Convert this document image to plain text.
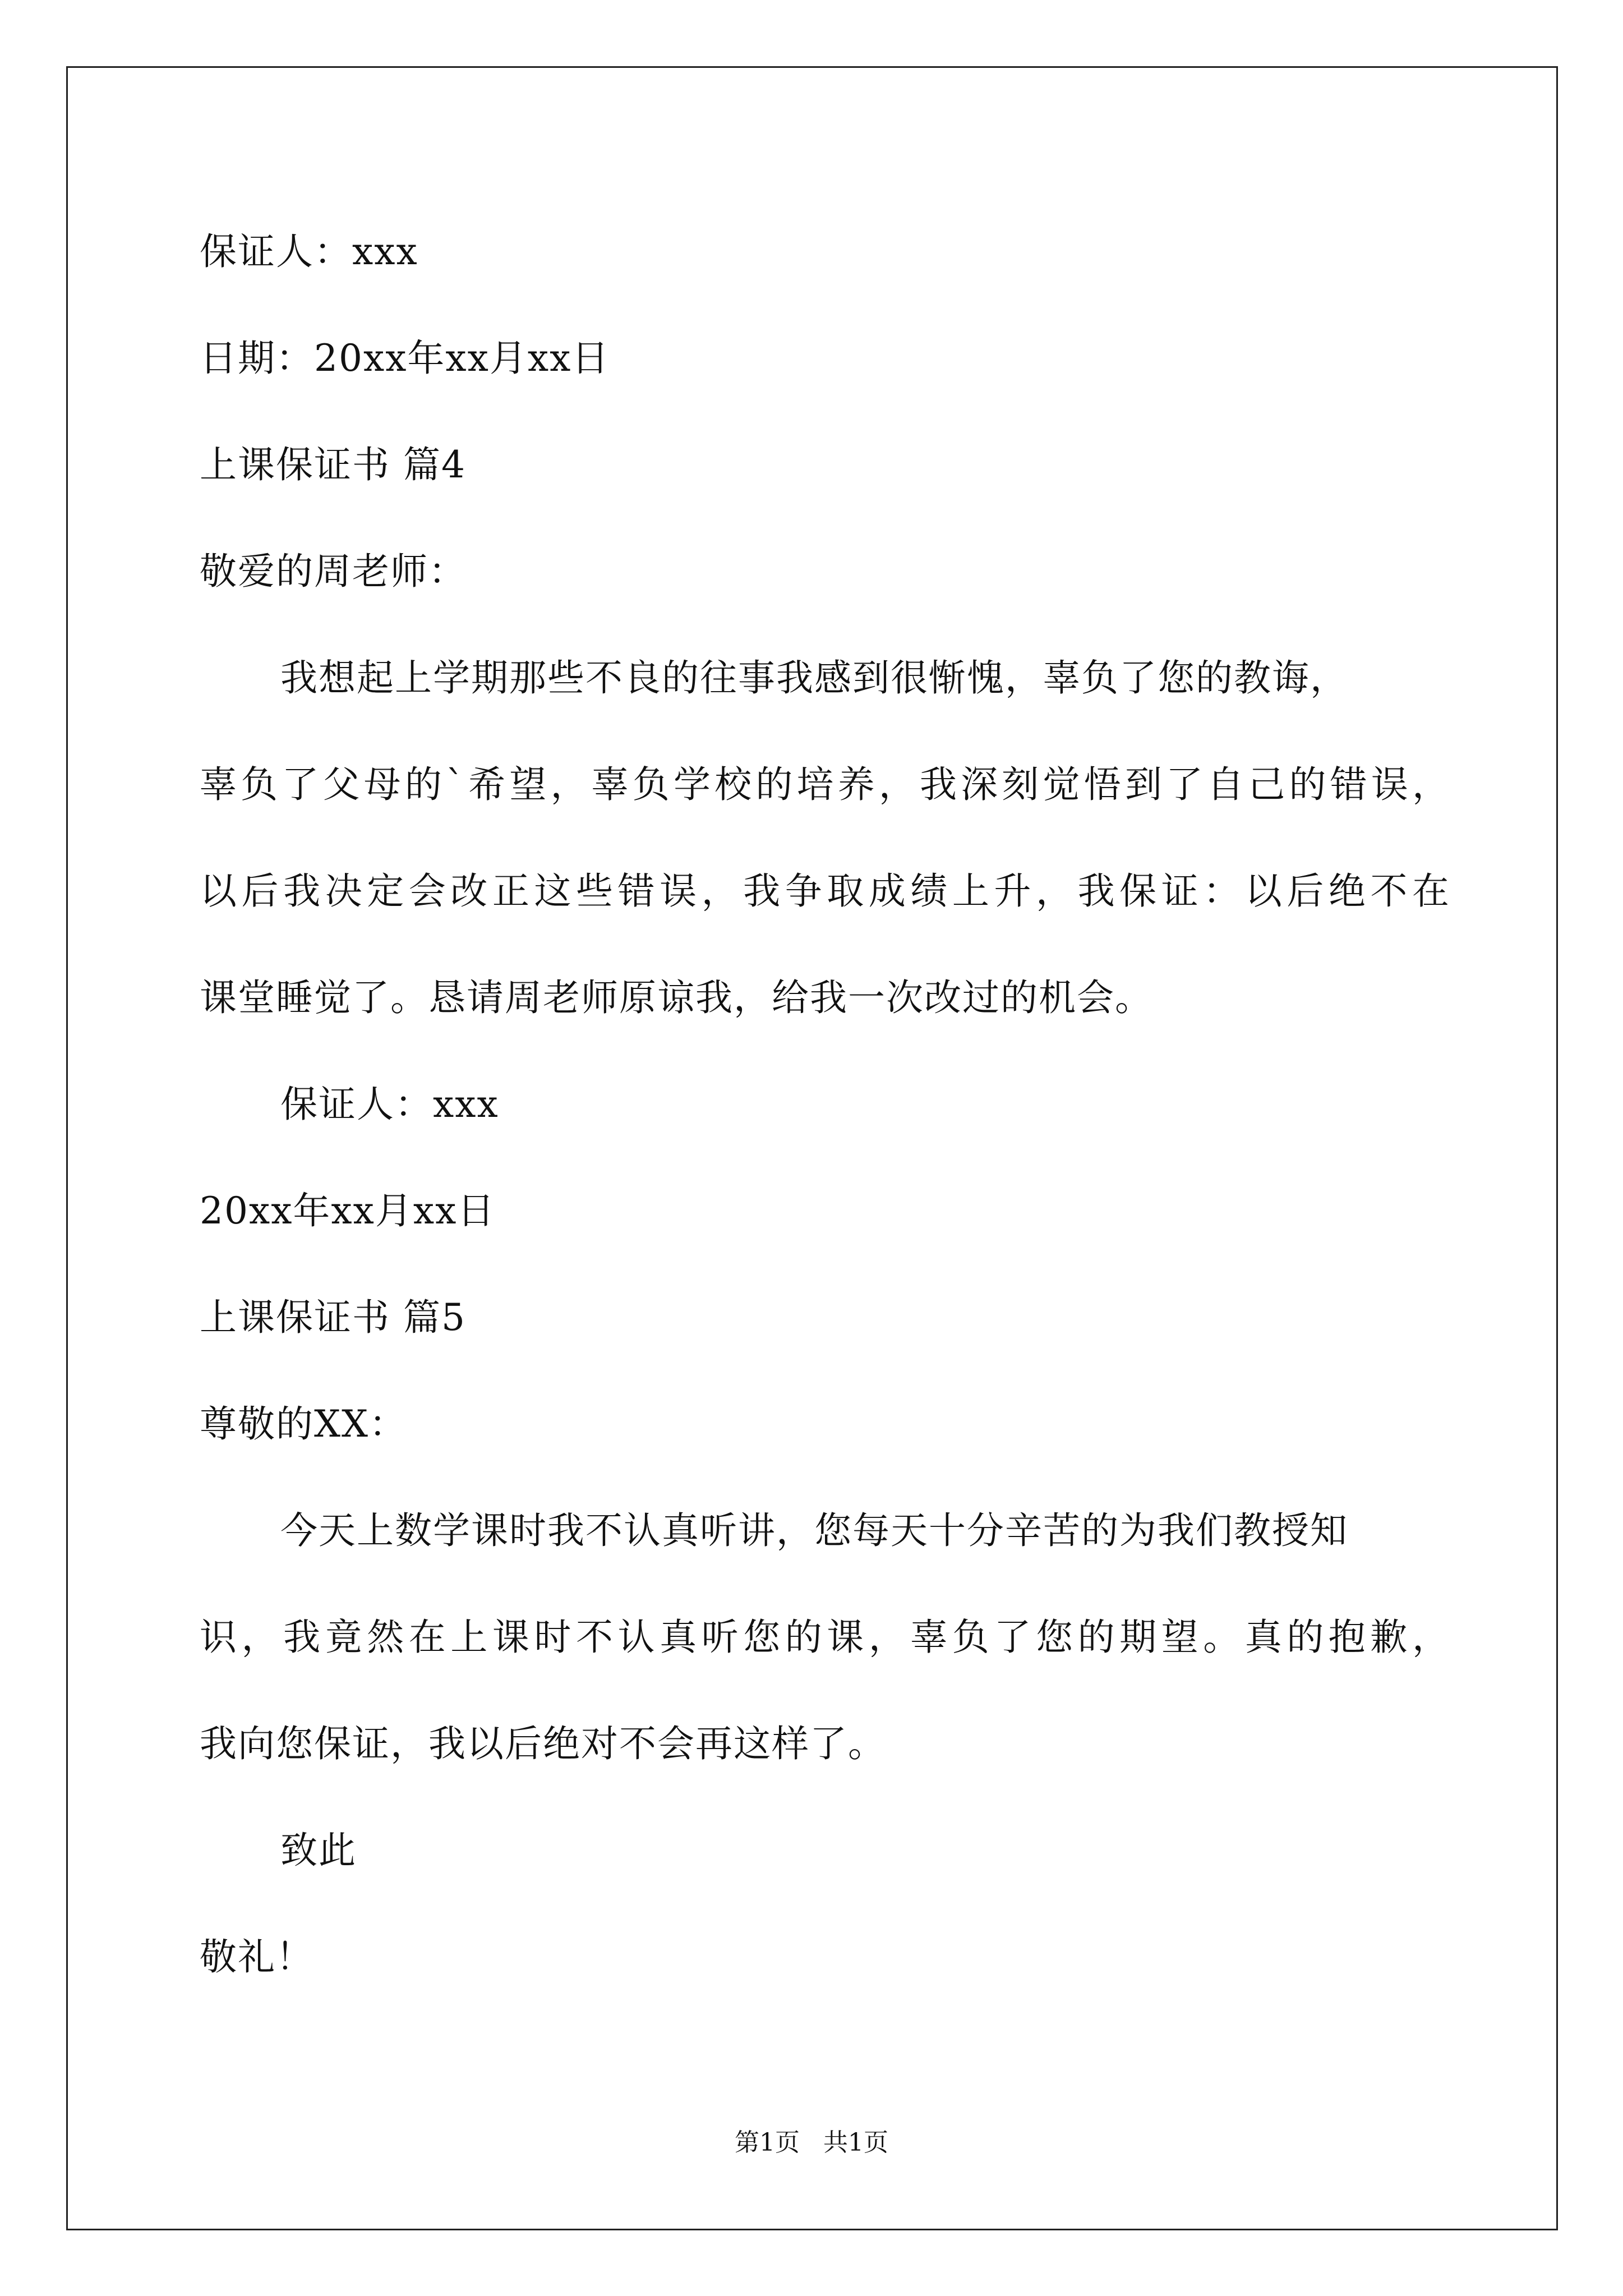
保证人：xxx
日期：20xx年xx月xx日
上课保证书 篇4
敬爱的周老师：
我想起上学期那些不良的往事我感到很惭愧，辜负了您的教诲，
辜负了父母的`希望，辜负学校的培养，我深刻觉悟到了自己的错误，
以后我决定会改正这些错误，我争取成绩上升，我保证：以后绝不在
课堂睡觉了。恳请周老师原谅我，给我一次改过的机会。
保证人：xxx
20xx年xx月xx日
上课保证书 篇5
尊敬的XX：
今天上数学课时我不认真听讲，您每天十分辛苦的为我们教授知
识，我竟然在上课时不认真听您的课，辜负了您的期望。真的抱歉，
我向您保证，我以后绝对不会再这样了。
致此
敬礼！
第1页   共1页
